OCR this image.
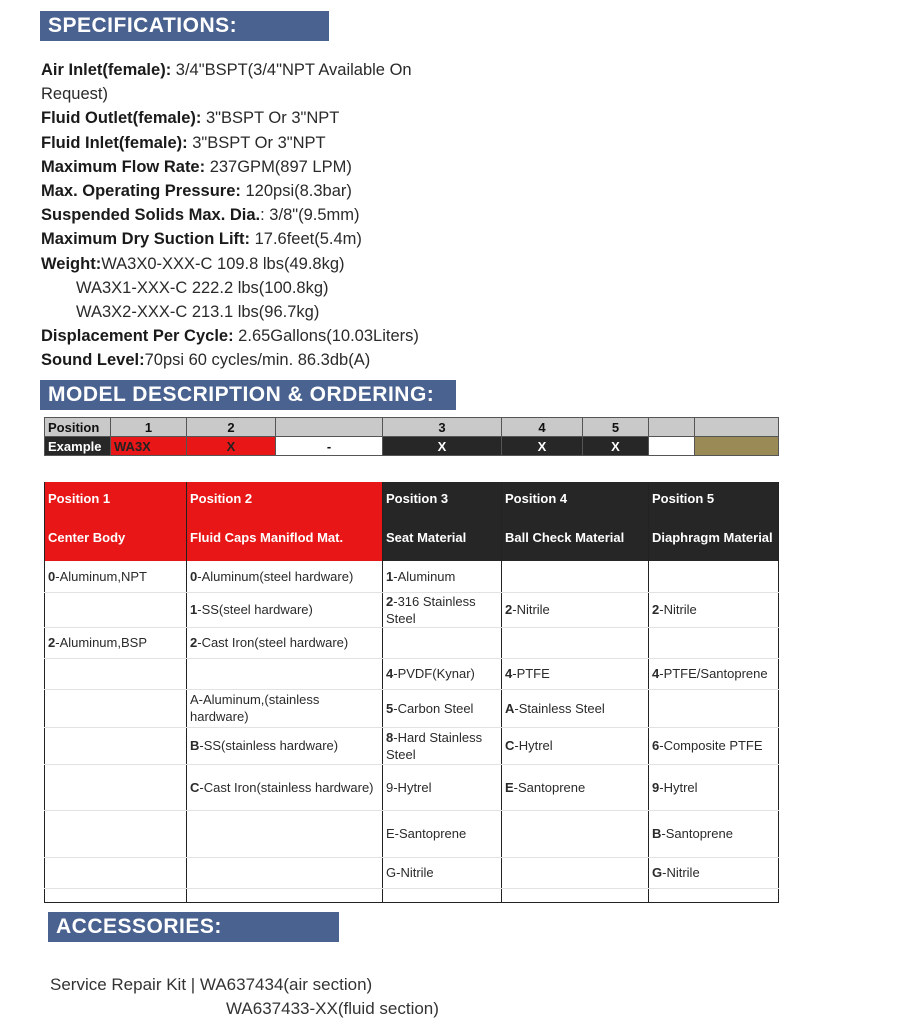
SPECIFICATIONS:
Air Inlet(female): 3/4"BSPT(3/4"NPT Available On
Request)
Fluid Outlet(female): 3"BSPT Or 3"NPT
Fluid Inlet(female): 3"BSPT Or 3"NPT
Maximum Flow Rate: 237GPM(897 LPM)
Max. Operating Pressure: 120psi(8.3bar)
Suspended Solids Max. Dia.: 3/8"(9.5mm)
Maximum Dry Suction Lift: 17.6feet(5.4m)
Weight:WA3X0-XXX-C 109.8 lbs(49.8kg)
WA3X1-XXX-C 222.2 lbs(100.8kg)
WA3X2-XXX-C 213.1 lbs(96.7kg)
Displacement Per Cycle: 2.65Gallons(10.03Liters)
Sound Level:70psi 60 cycles/min. 86.3db(A)
MODEL DESCRIPTION & ORDERING:
Position	1	2		3	4	5		
Example	WA3X	X	-	X	X	X		
Position 1	Position 2	Position 3	Position 4	Position 5
Center Body	Fluid Caps Maniflod Mat.	Seat Material	Ball Check Material	Diaphragm Material
0-Aluminum,NPT	0-Aluminum(steel hardware)	1-Aluminum		
	1-SS(steel hardware)	2-316 Stainless Steel	2-Nitrile	2-Nitrile
2-Aluminum,BSP	2-Cast Iron(steel hardware)			
		4-PVDF(Kynar)	4-PTFE	4-PTFE/Santoprene
	A-Aluminum,(stainless hardware)	5-Carbon Steel	A-Stainless Steel	
	B-SS(stainless hardware)	8-Hard Stainless Steel	C-Hytrel	6-Composite PTFE
	C-Cast Iron(stainless hardware)	9-Hytrel	E-Santoprene	9-Hytrel
		E-Santoprene		B-Santoprene
		G-Nitrile		G-Nitrile

ACCESSORIES:
Service Repair Kit | WA637434(air section)
WA637433-XX(fluid section)
